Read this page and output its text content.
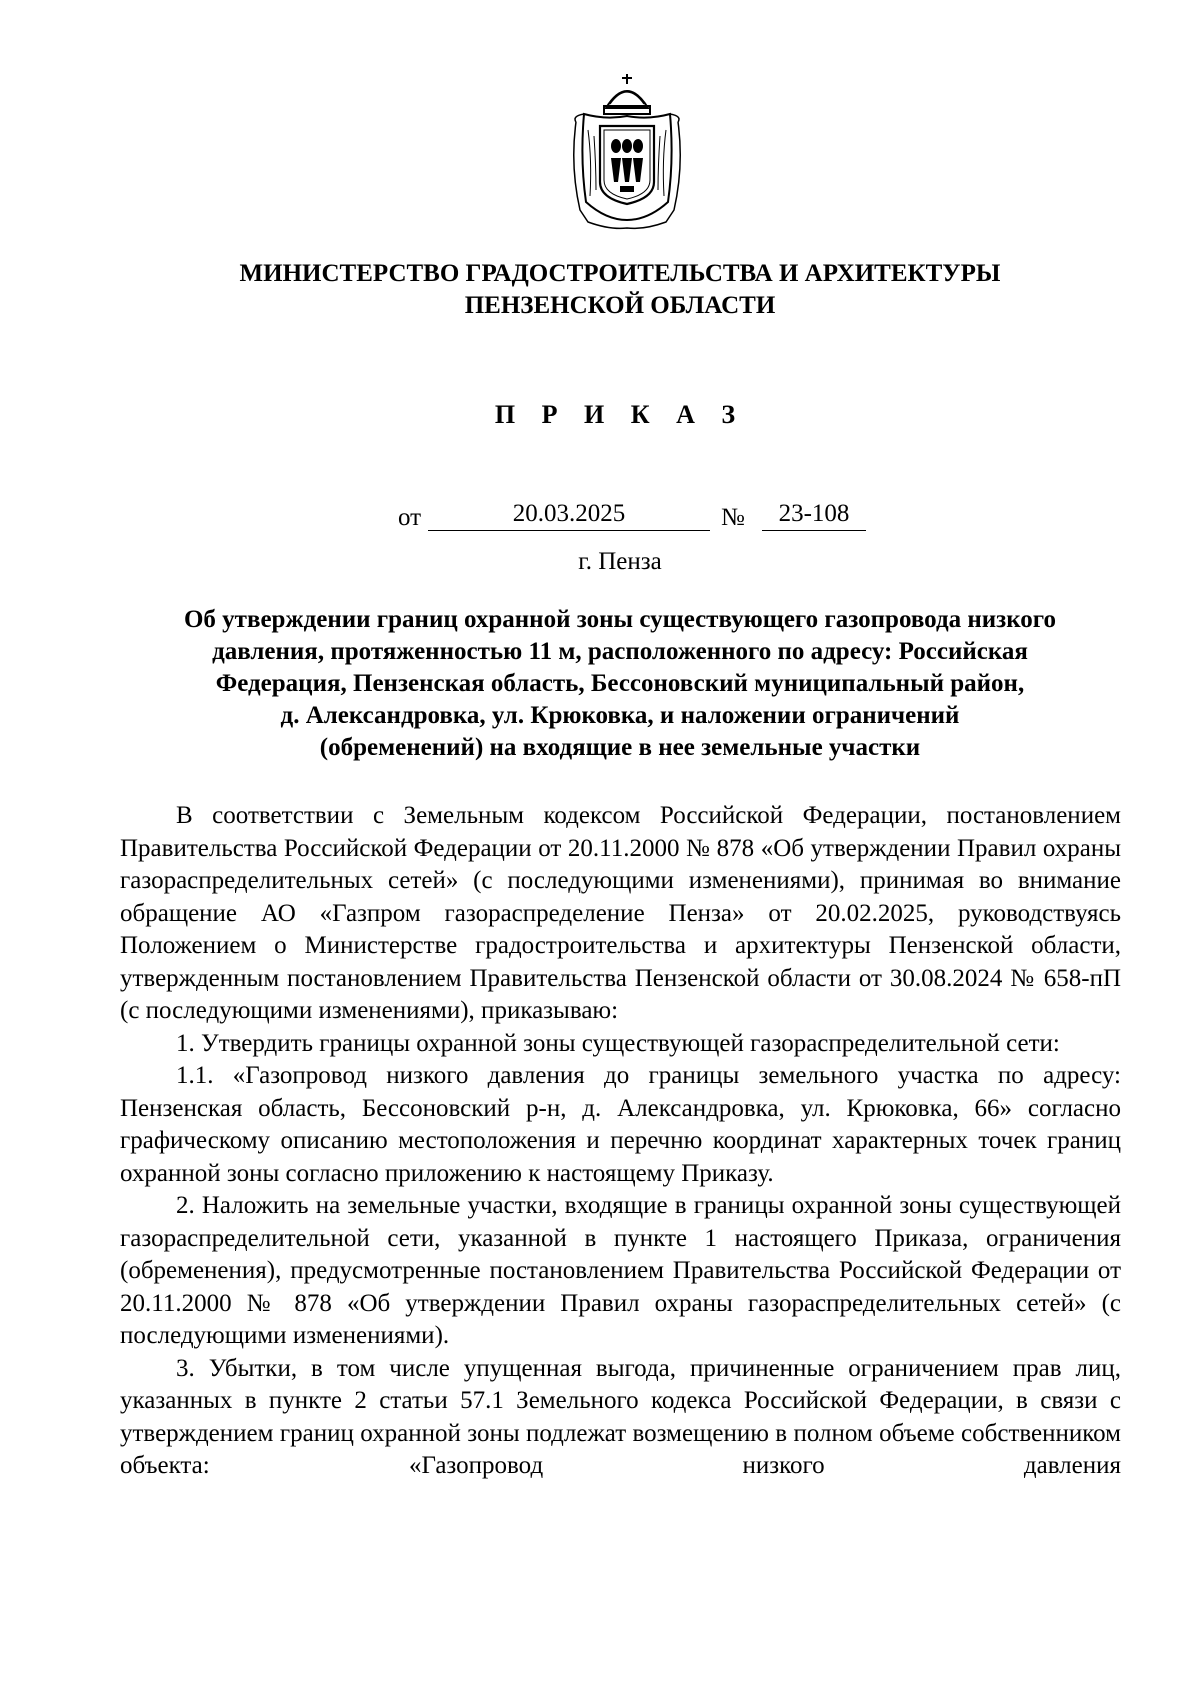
МИНИСТЕРСТВО ГРАДОСТРОИТЕЛЬСТВА И АРХИТЕКТУРЫ
ПЕНЗЕНСКОЙ ОБЛАСТИ
П Р И К А З
от	20.03.2025	№	23-108
г. Пенза
Об утверждении границ охранной зоны существующего газопровода низкого
давления, протяженностью 11 м, расположенного по адресу: Российская
Федерация, Пензенская область, Бессоновский муниципальный район,
д. Александровка, ул. Крюковка, и наложении ограничений
(обременений) на входящие в нее земельные участки

В соответствии с Земельным кодексом Российской Федерации, постановлением Правительства Российской Федерации от 20.11.2000 № 878 «Об утверждении Правил охраны газораспределительных сетей» (с последующими изменениями), принимая во внимание обращение АО «Газпром газораспределение Пенза» от 20.02.2025, руководствуясь Положением о Министерстве градостроительства и архитектуры Пензенской области, утвержденным постановлением Правительства Пензенской области от 30.08.2024 № 658-пП (с последующими изменениями), приказываю:

1. Утвердить границы охранной зоны существующей газораспределительной сети:

1.1. «Газопровод низкого давления до границы земельного участка по адресу: Пензенская область, Бессоновский р-н, д. Александровка, ул. Крюковка, 66» согласно графическому описанию местоположения и перечню координат характерных точек границ охранной зоны согласно приложению к настоящему Приказу.

2. Наложить на земельные участки, входящие в границы охранной зоны существующей газораспределительной сети, указанной в пункте 1 настоящего Приказа, ограничения (обременения), предусмотренные постановлением Правительства Российской Федерации от 20.11.2000 № 878 «Об утверждении Правил охраны газораспределительных сетей» (с последующими изменениями).

3. Убытки, в том числе упущенная выгода, причиненные ограничением прав лиц, указанных в пункте 2 статьи 57.1 Земельного кодекса Российской Федерации, в связи с утверждением границ охранной зоны подлежат возмещению в полном объеме собственником объекта: «Газопровод низкого давления
